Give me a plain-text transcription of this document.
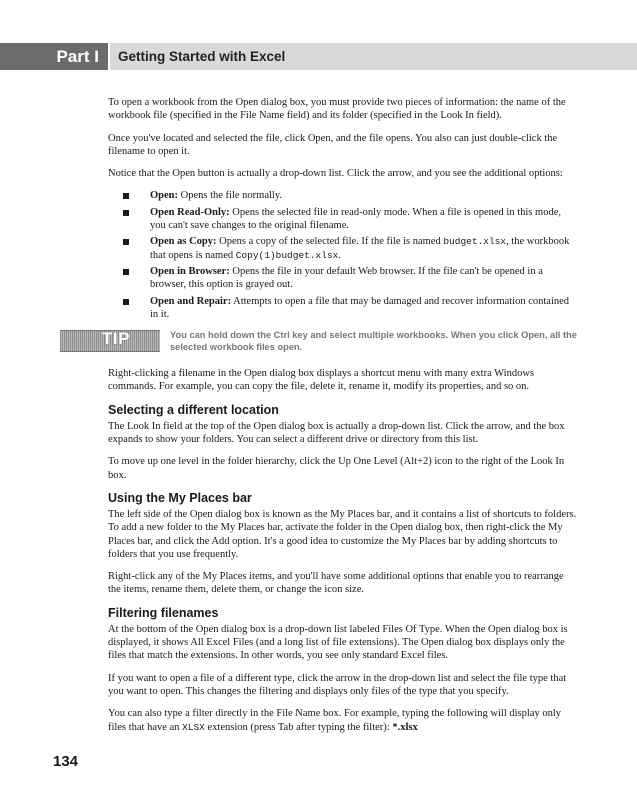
Part I Getting Started with Excel

To open a workbook from the Open dialog box, you must provide two pieces of information: the name of the workbook file (specified in the File Name field) and its folder (specified in the Look In field).

Once you've located and selected the file, click Open, and the file opens. You also can just double-click the filename to open it.

Notice that the Open button is actually a drop-down list. Click the arrow, and you see the additional options:

Open: Opens the file normally.
Open Read-Only: Opens the selected file in read-only mode. When a file is opened in this mode, you can't save changes to the original filename.
Open as Copy: Opens a copy of the selected file. If the file is named budget.xlsx, the workbook that opens is named Copy(1)budget.xlsx.
Open in Browser: Opens the file in your default Web browser. If the file can't be opened in a browser, this option is grayed out.
Open and Repair: Attempts to open a file that may be damaged and recover information contained in it.
TIP	You can hold down the Ctrl key and select multiple workbooks. When you click Open, all the selected workbook files open.

Right-clicking a filename in the Open dialog box displays a shortcut menu with many extra Windows commands. For example, you can copy the file, delete it, rename it, modify its properties, and so on.

Selecting a different location

The Look In field at the top of the Open dialog box is actually a drop-down list. Click the arrow, and the box expands to show your folders. You can select a different drive or directory from this list.

To move up one level in the folder hierarchy, click the Up One Level (Alt+2) icon to the right of the Look In box.

Using the My Places bar

The left side of the Open dialog box is known as the My Places bar, and it contains a list of shortcuts to folders. To add a new folder to the My Places bar, activate the folder in the Open dialog box, then right-click the My Places bar, and click the Add option. It's a good idea to customize the My Places bar by adding shortcuts to folders that you use frequently.

Right-click any of the My Places items, and you'll have some additional options that enable you to rearrange the items, rename them, delete them, or change the icon size.

Filtering filenames

At the bottom of the Open dialog box is a drop-down list labeled Files Of Type. When the Open dialog box is displayed, it shows All Excel Files (and a long list of file extensions). The Open dialog box displays only the files that match the extensions. In other words, you see only standard Excel files.

If you want to open a file of a different type, click the arrow in the drop-down list and select the file type that you want to open. This changes the filtering and displays only files of the type that you specify.

You can also type a filter directly in the File Name box. For example, typing the following will display only files that have an XLSX extension (press Tab after typing the filter): *.xlsx

134
